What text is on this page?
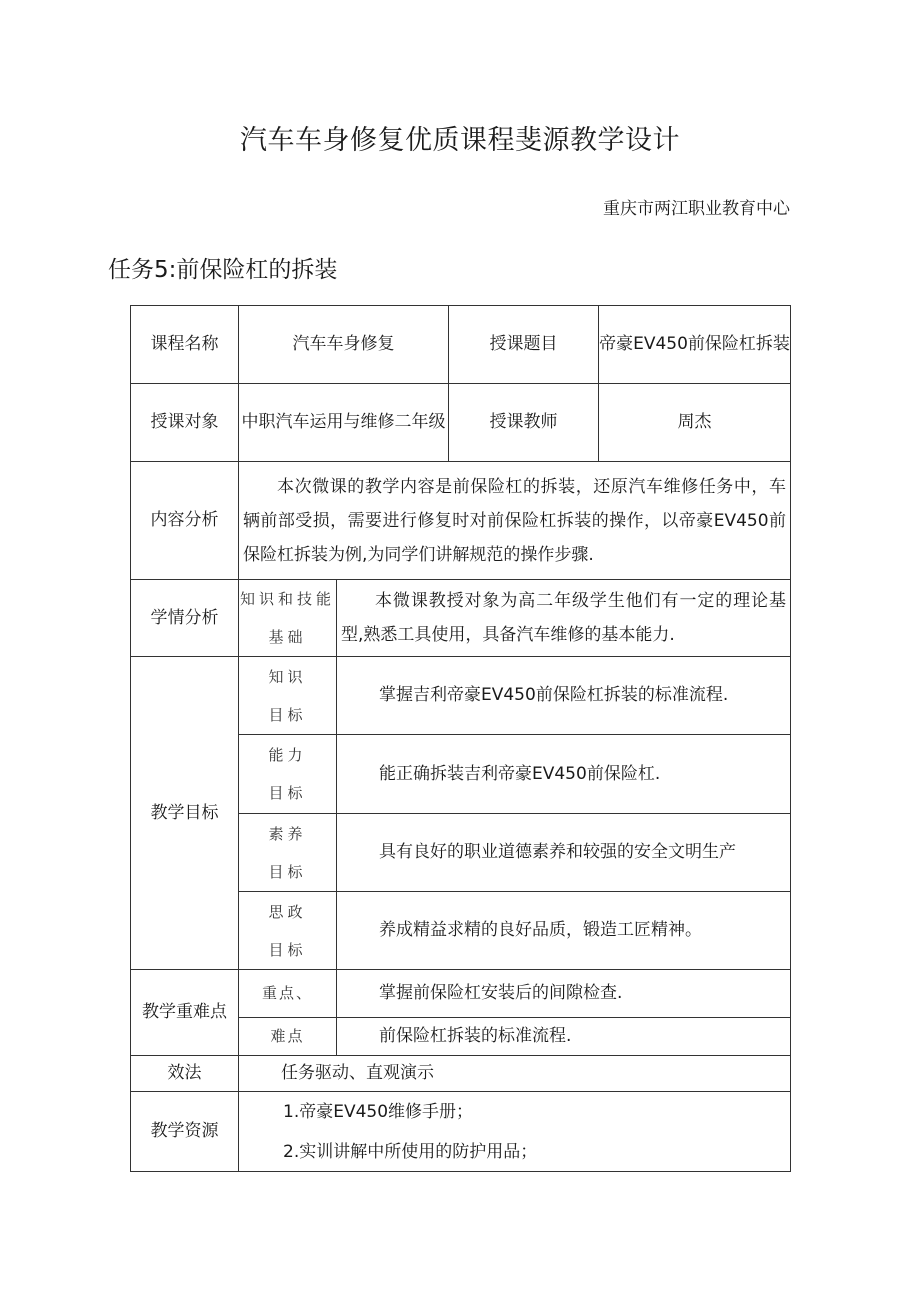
汽车车身修复优质课程斐源教学设计
重庆市两江职业教育中心
任务5:前保险杠的拆装
课程名称	汽车车身修复		授课题目	帝豪EV450前保险杠拆装
授课对象	中职汽车运用与维修二年级		授课教师	周杰
内容分析	本次微课的教学内容是前保险杠的拆装，还原汽车维修任务中，车辆前部受损，需要进行修复时对前保险杠拆装的操作，以帝豪EV450前保险杠拆装为例,为同学们讲解规范的操作步骤.			
学情分析	知识和技能基础	本微课教授对象为高二年级学生他们有一定的理论基型,熟悉工具使用，具备汽车维修的基本能力.		
教学目标	知识目标	掌握吉利帝豪EV450前保险杠拆装的标准流程.		
	能力目标	能正确拆装吉利帝豪EV450前保险杠.		
	素养目标	具有良好的职业道德素养和较强的安全文明生产		
	思政目标	养成精益求精的良好品质，锻造工匠精神。		
教学重难点	重点、	掌握前保险杠安装后的间隙检查.		
	难点	前保险杠拆装的标准流程.		
效法	任务驱动、直观演示			
教学资源	1.帝豪EV450维修手册；
2.实训讲解中所使用的防护用品；			
